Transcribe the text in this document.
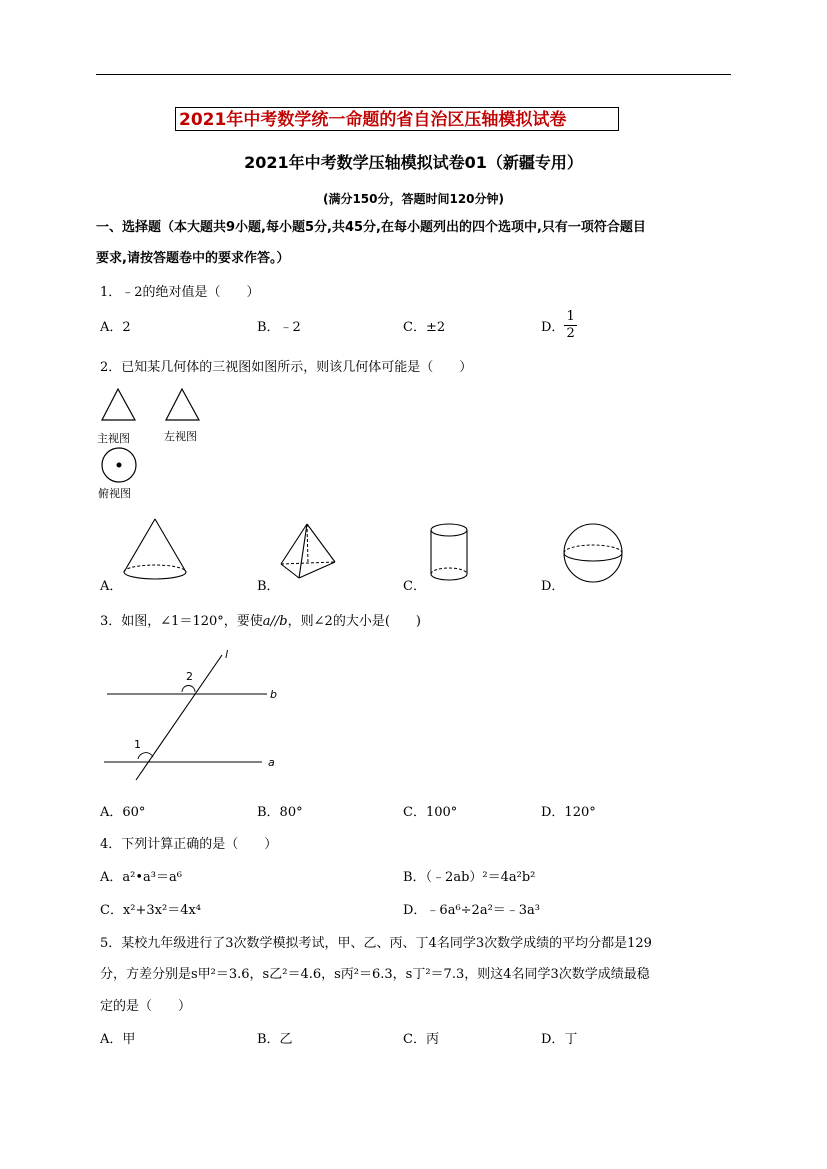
2021年中考数学统一命题的省自治区压轴模拟试卷
2021年中考数学压轴模拟试卷01（新疆专用）
(满分150分，答题时间120分钟)
一、选择题（本大题共9小题,每小题5分,共45分,在每小题列出的四个选项中,只有一项符合题目
要求,请按答题卷中的要求作答。）
1．﹣2的绝对值是（　　）
A．2	B．﹣2	C．±2	D． $\frac{1}{2}$
2．已知某几何体的三视图如图所示，则该几何体可能是（　　）
主视图	左视图
俯视图
A．	B．	C．	D．
3．如图，∠1＝120°，要使a//b，则∠2的大小是(　　)
l
b
a
1
2
A．60°	B．80°	C．100°	D．120°
4．下列计算正确的是（　　）
A．a²•a³＝a⁶	B．（﹣2ab）²＝4a²b²
C．x²+3x²＝4x⁴	D．﹣6a⁶÷2a²＝﹣3a³
5．某校九年级进行了3次数学模拟考试，甲、乙、丙、丁4名同学3次数学成绩的平均分都是129
分，方差分别是s甲²＝3.6，s乙²＝4.6，s丙²＝6.3，s丁²＝7.3，则这4名同学3次数学成绩最稳
定的是（　　）
A．甲	B．乙	C．丙	D．丁
